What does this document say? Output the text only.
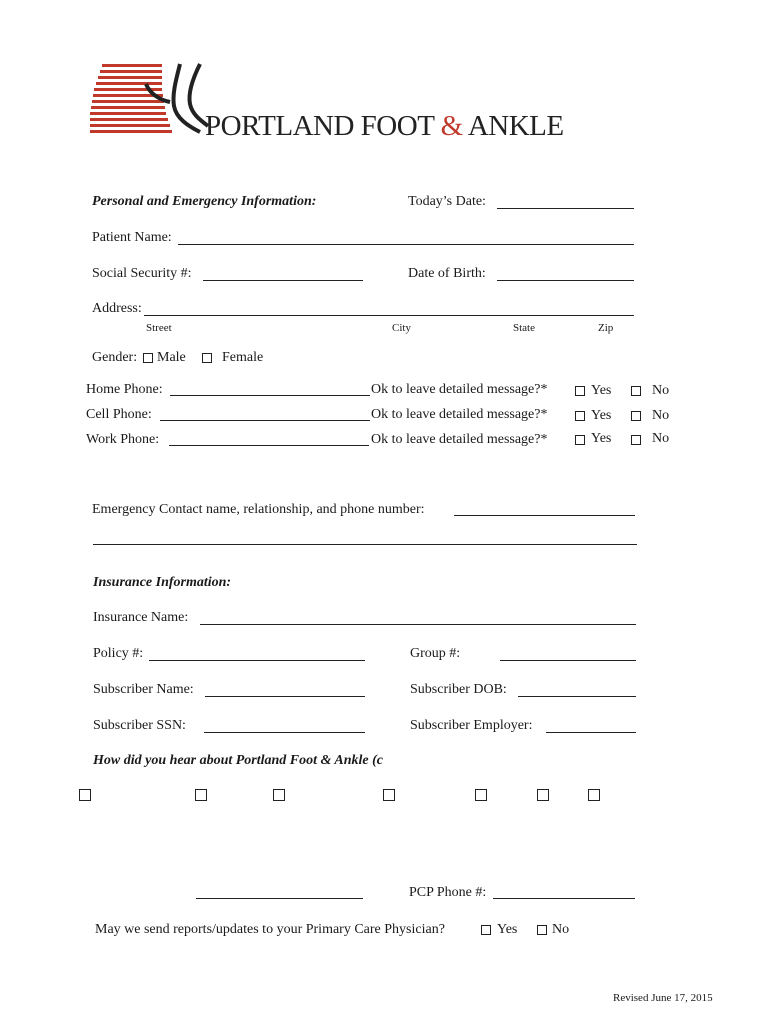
PORTLAND FOOT & ANKLE
Personal and Emergency Information:	Today’s Date:
Patient Name:
Social Security #:	Date of Birth:
Address:
Street	City	State	Zip
Gender: Male	Female
Home Phone:	Ok to leave detailed message?*	Yes	No
Cell Phone:	Ok to leave detailed message?*	Yes	No
Work Phone:	Ok to leave detailed message?*	Yes	No
Emergency Contact name, relationship, and phone number:
Insurance Information:
Insurance Name:
Policy #:	Group #:
Subscriber Name:	Subscriber DOB:
Subscriber SSN:	Subscriber Employer:
How did you hear about Portland Foot & Ankle (c
PCP Phone #:
May we send reports/updates to your Primary Care Physician?	Yes No
Revised June 17, 2015
